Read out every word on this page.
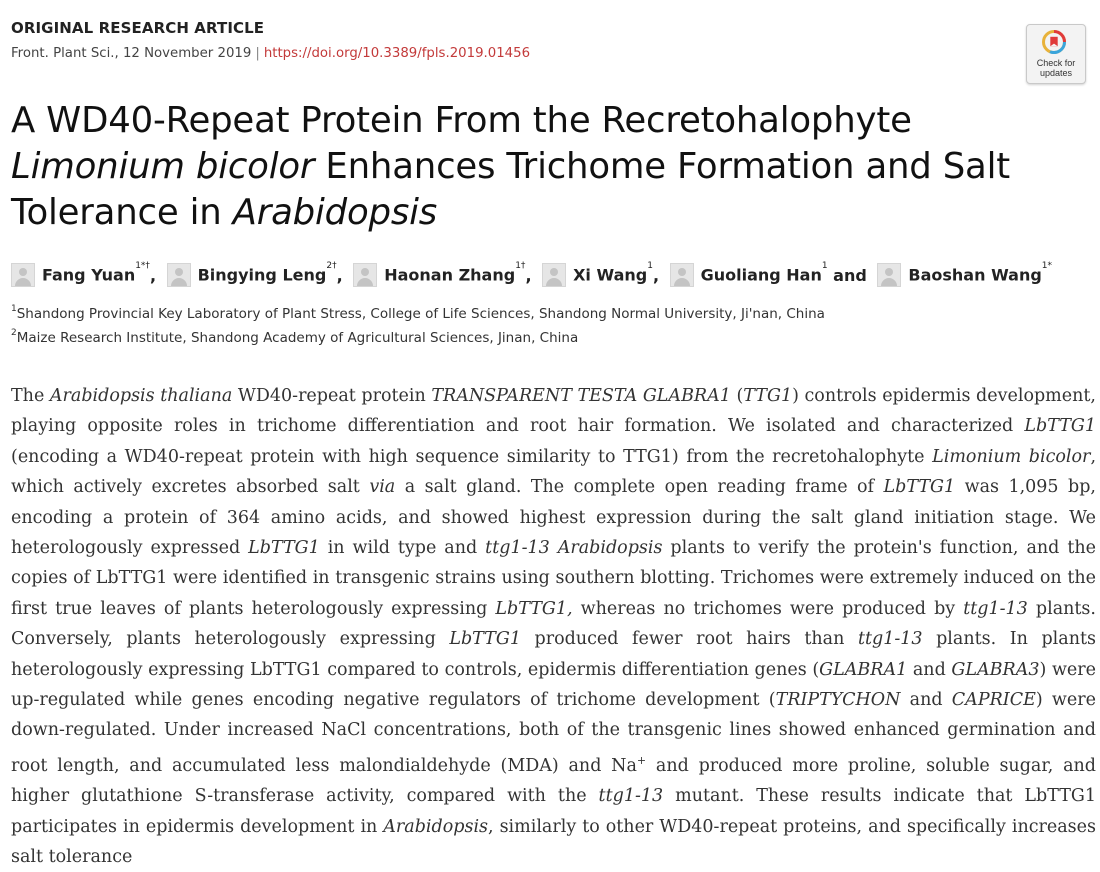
ORIGINAL RESEARCH ARTICLE
Front. Plant Sci., 12 November 2019 | https://doi.org/10.3389/fpls.2019.01456
Check for
updates
A WD40-Repeat Protein From the Recretohalophyte Limonium bicolor Enhances Trichome Formation and Salt Tolerance in Arabidopsis
Fang Yuan$^{1*\dagger}$,	Bingying Leng$^{2\dagger}$,	Haonan Zhang$^{1\dagger}$,	Xi Wang$^1$,	Guoliang Han$^1$ and	Baoshan Wang$^{1*}$
$^1$Shandong Provincial Key Laboratory of Plant Stress, College of Life Sciences, Shandong Normal University, Ji'nan, China
$^2$Maize Research Institute, Shandong Academy of Agricultural Sciences, Jinan, China

The Arabidopsis thaliana WD40-repeat protein TRANSPARENT TESTA GLABRA1 (TTG1) controls epidermis development, playing opposite roles in trichome differentiation and root hair formation. We isolated and characterized LbTTG1 (encoding a WD40-repeat protein with high sequence similarity to TTG1) from the recretohalophyte Limonium bicolor, which actively excretes absorbed salt via a salt gland. The complete open reading frame of LbTTG1 was 1,095 bp, encoding a protein of 364 amino acids, and showed highest expression during the salt gland initiation stage. We heterologously expressed LbTTG1 in wild type and ttg1-13 Arabidopsis plants to verify the protein's function, and the copies of LbTTG1 were identified in transgenic strains using southern blotting. Trichomes were extremely induced on the first true leaves of plants heterologously expressing LbTTG1, whereas no trichomes were produced by ttg1-13 plants. Conversely, plants heterologously expressing LbTTG1 produced fewer root hairs than ttg1-13 plants. In plants heterologously expressing LbTTG1 compared to controls, epidermis differentiation genes (GLABRA1 and GLABRA3) were up-regulated while genes encoding negative regulators of trichome development (TRIPTYCHON and CAPRICE) were down-regulated. Under increased NaCl concentrations, both of the transgenic lines showed enhanced germination and root length, and accumulated less malondialdehyde (MDA) and Na+ and produced more proline, soluble sugar, and higher glutathione S-transferase activity, compared with the ttg1-13 mutant. These results indicate that LbTTG1 participates in epidermis development in Arabidopsis, similarly to other WD40-repeat proteins, and specifically increases salt tolerance
